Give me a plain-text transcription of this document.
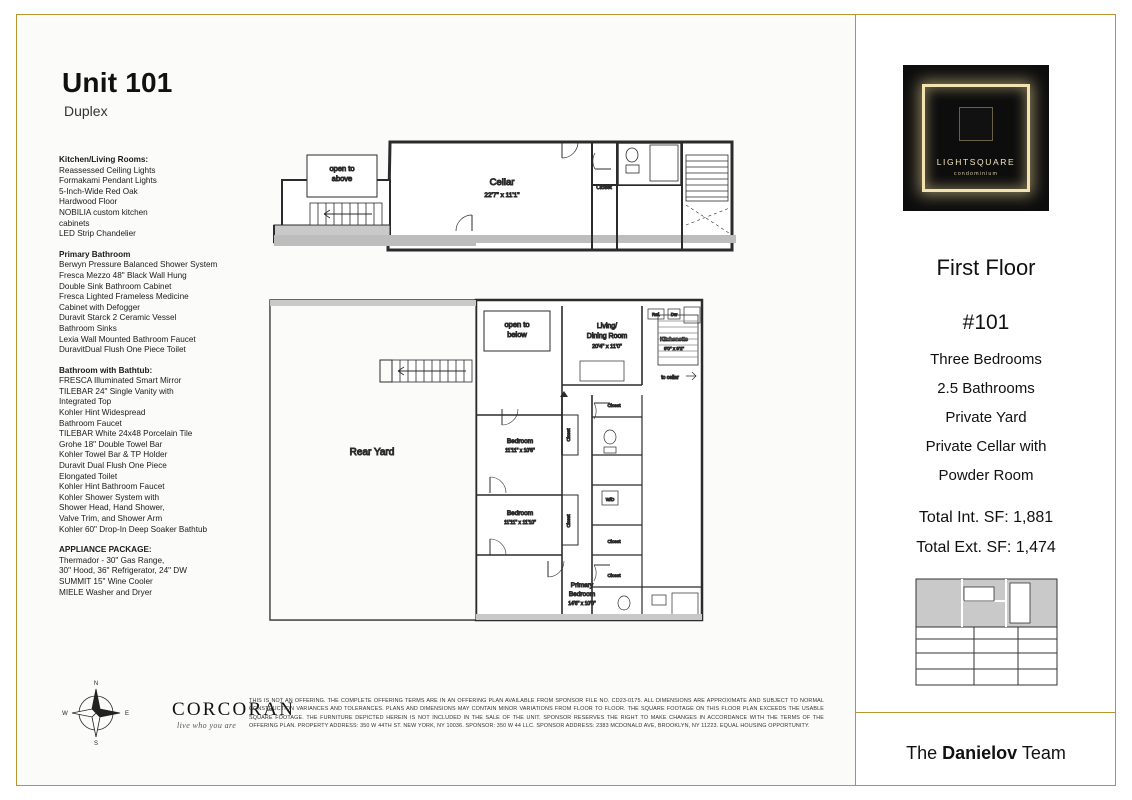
Unit 101
Duplex
Kitchen/Living Rooms:
Reassessed Ceiling Lights
Formakami Pendant Lights
5-Inch-Wide Red Oak
Hardwood Floor
NOBILIA custom kitchen
cabinets
LED Strip Chandelier
Primary Bathroom
Berwyn Pressure Balanced Shower System
Fresca Mezzo 48" Black Wall Hung
Double Sink Bathroom Cabinet
Fresca Lighted Frameless Medicine
Cabinet with Defogger
Duravit Starck 2 Ceramic Vessel
Bathroom Sinks
Lexia Wall Mounted Bathroom Faucet
DuravitDual Flush One Piece Toilet
Bathroom with Bathtub:
FRESCA Illuminated Smart Mirror
TILEBAR 24" Single Vanity with
Integrated Top
Kohler Hint Widespread
Bathroom Faucet
TILEBAR White 24x48 Porcelain Tile
Grohe 18" Double Towel Bar
Kohler Towel Bar & TP Holder
Duravit Dual Flush One Piece
Elongated Toilet
Kohler Hint Bathroom Faucet
Kohler Shower System with
Shower Head, Hand Shower,
Valve Trim, and Shower Arm
Kohler 60" Drop-In Deep Soaker Bathtub
APPLIANCE PACKAGE:
Thermador - 30" Gas Range,
30" Hood, 36" Refrigerator, 24" DW
SUMMIT 15" Wine Cooler
MIELE Washer and Dryer
open to
above	Cellar
22'7" x 11'1"
Closet
open to
below
Living/
Dining Room
20'4" x 11'0"
Ref. Dw
Kitchenette
9'0" x 9'2"
to cellar
Bedroom
11'11" x 10'6"
Bedroom
11'11" x 11'10"
Primary
Bedroom
14'6" x 10'0"
Closet
Closet
Closet
Closet
Closet
W/D
Rear Yard
N
S
E
W	CORCORAN
live who you are
THIS IS NOT AN OFFERING. THE COMPLETE OFFERING TERMS ARE IN AN OFFERING PLAN AVAILABLE FROM SPONSOR FILE NO. CD23-0175. ALL DIMENSIONS ARE APPROXIMATE AND SUBJECT TO NORMAL CONSTRUCTION VARIANCES AND TOLERANCES. PLANS AND DIMENSIONS MAY CONTAIN MINOR VARIATIONS FROM FLOOR TO FLOOR. THE SQUARE FOOTAGE ON THIS FLOOR PLAN EXCEEDS THE USABLE SQUARE FOOTAGE. THE FURNITURE DEPICTED HEREIN IS NOT INCLUDED IN THE SALE OF THE UNIT. SPONSOR RESERVES THE RIGHT TO MAKE CHANGES IN ACCORDANCE WITH THE TERMS OF THE OFFERING PLAN. PROPERTY ADDRESS: 350 W 44TH ST. NEW YORK, NY 10036. SPONSOR: 350 W 44 LLC. SPONSOR ADDRESS: 2383 MCDONALD AVE, BROOKLYN, NY 11223. EQUAL HOUSING OPPORTUNITY.
LIGHTSQUARE
condominium
First Floor
#101
Three Bedrooms
2.5 Bathrooms
Private Yard
Private Cellar with
Powder Room
Total Int. SF: 1,881
Total Ext. SF: 1,474
The Danielov Team
